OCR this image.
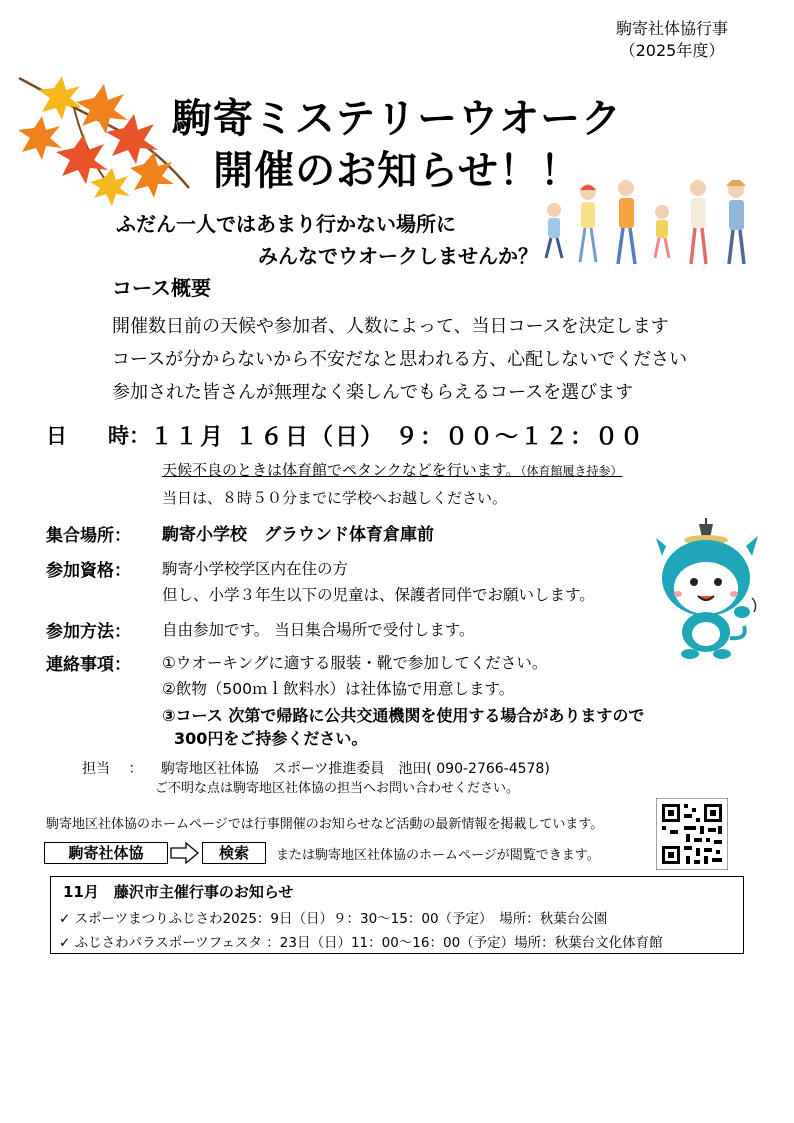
駒寄社体協行事
（2025年度）
駒寄ミステリーウオーク
開催のお知らせ！！
ふだん一人ではあまり行かない場所に
みんなでウオークしませんか？
コース概要
開催数日前の天候や参加者、人数によって、当日コースを決定します
コースが分からないから不安だなと思われる方、心配しないでください
参加された皆さんが無理なく楽しんでもらえるコースを選びます
日 時： １１月 １６日（日） ９：００～１２：００
天候不良のときは体育館でペタンクなどを行います。（体育館履き持参）
当日は、８時５０分までに学校へお越しください。
集合場所： 駒寄小学校　グラウンド体育倉庫前
参加資格： 駒寄小学校学区内在住の方
但し、小学３年生以下の児童は、保護者同伴でお願いします。
参加方法： 自由参加です。 当日集合場所で受付します。
連絡事項： ①ウオーキングに適する服装・靴で参加してください。
②飲物（500ｍｌ飲料水）は社体協で用意します。
③コース 次第で帰路に公共交通機関を使用する場合がありますので
300円をご持参ください。
担当 ： 駒寄地区社体協　スポーツ推進委員　池田( 090-2766-4578)
ご不明な点は駒寄地区社体協の担当へお問い合わせください。
駒寄地区社体協のホームページでは行事開催のお知らせなど活動の最新情報を掲載しています。
駒寄社体協	検索	または駒寄地区社体協のホームページが閲覧できます。
11月　藤沢市主催行事のお知らせ
✓ スポーツまつりふじさわ2025：9日（日）９：30～15：00（予定）　場所：秋葉台公園
✓ ふじさわパラスポーツフェスタ ：23日（日）11：00～16：00（予定）場所：秋葉台文化体育館
